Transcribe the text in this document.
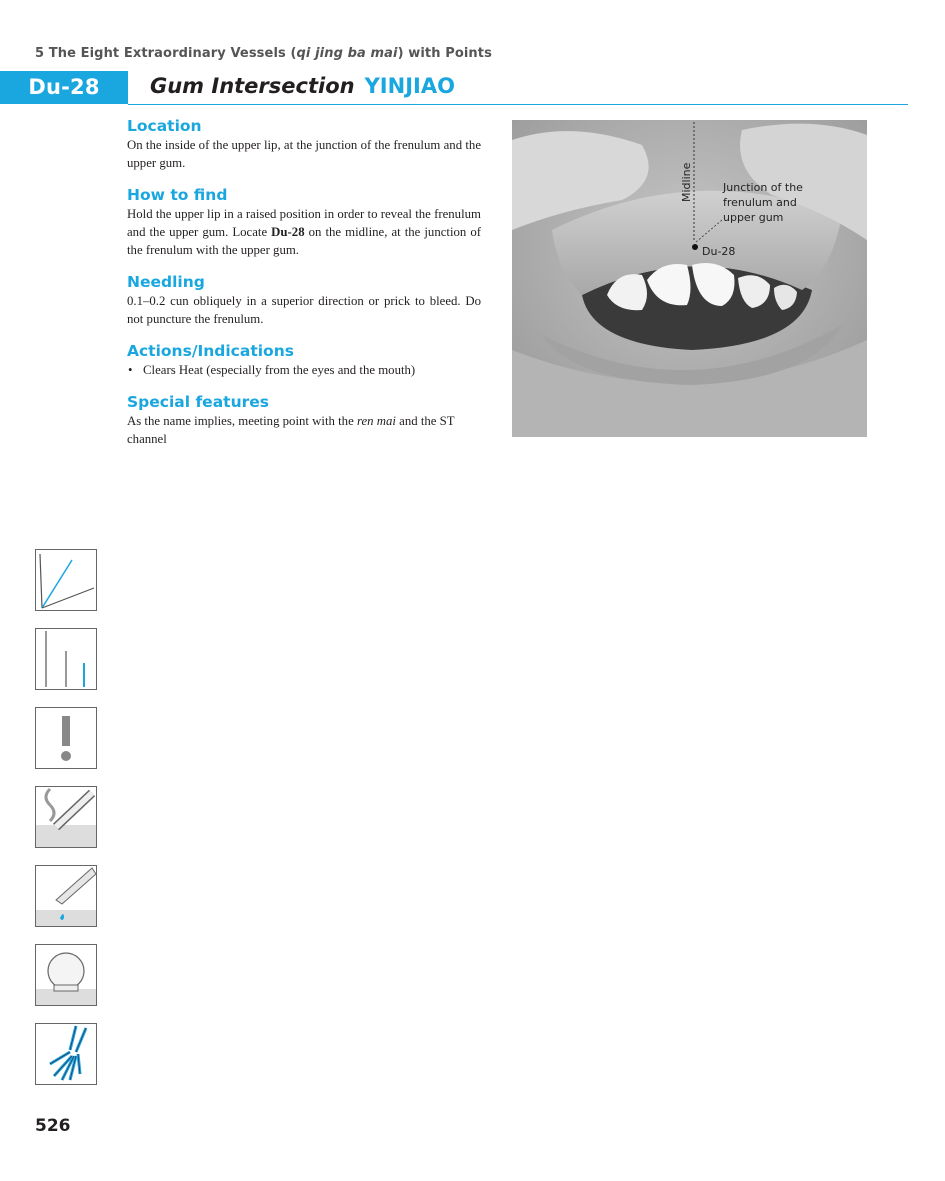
5 The Eight Extraordinary Vessels (qi jing ba mai) with Points
Du-28	Gum Intersection YINJIAO
Location

On the inside of the upper lip, at the junction of the frenulum and the upper gum.

How to find

Hold the upper lip in a raised position in order to reveal the frenulum and the upper gum. Locate Du-28 on the midline, at the junction of the frenulum with the upper gum.

Needling

0.1–0.2 cun obliquely in a superior direction or prick to bleed. Do not puncture the frenulum.

Actions/Indications

• Clears Heat (especially from the eyes and the mouth)

Special features

As the name implies, meeting point with the ren mai and the ST channel

Midline
Du-28
Junction of the
frenulum and
upper gum
526
